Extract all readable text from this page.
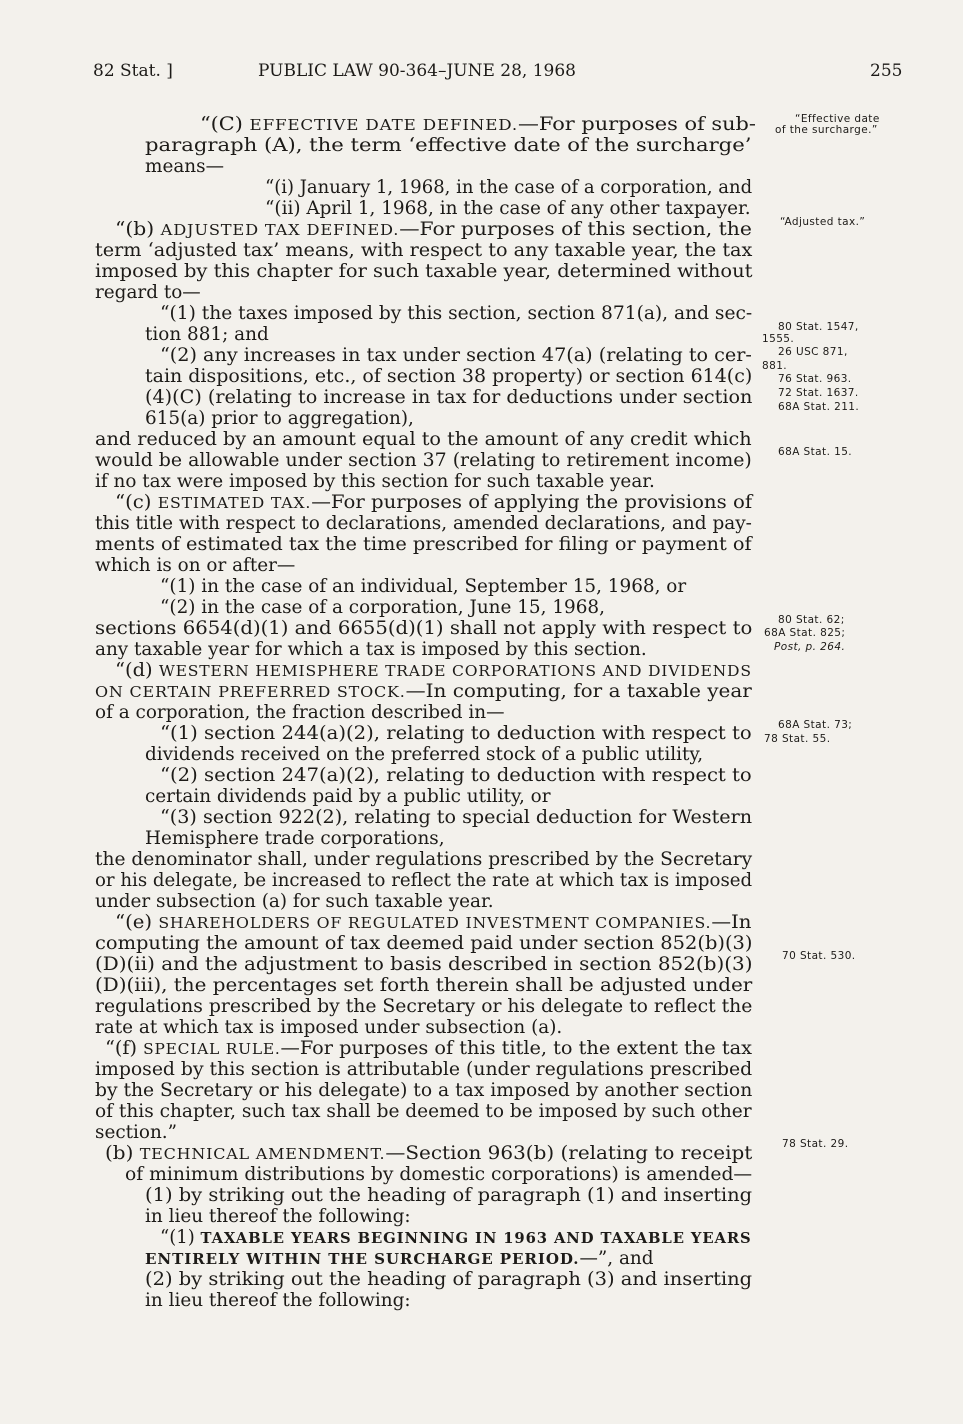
82 Stat. ]	PUBLIC LAW 90-364–JUNE 28, 1968	255
“(C) EFFECTIVE DATE DEFINED.—For purposes of sub-
paragraph (A), the term ‘effective date of the surcharge’
means—
“(i) January 1, 1968, in the case of a corporation, and
“(ii) April 1, 1968, in the case of any other taxpayer.
“(b) ADJUSTED TAX DEFINED.—For purposes of this section, the
term ‘adjusted tax’ means, with respect to any taxable year, the tax
imposed by this chapter for such taxable year, determined without
regard to—
“(1) the taxes imposed by this section, section 871(a), and sec-
tion 881; and
“(2) any increases in tax under section 47(a) (relating to cer-
tain dispositions, etc., of section 38 property) or section 614(c)
(4)(C) (relating to increase in tax for deductions under section
615(a) prior to aggregation),
and reduced by an amount equal to the amount of any credit which
would be allowable under section 37 (relating to retirement income)
if no tax were imposed by this section for such taxable year.
“(c) ESTIMATED TAX.—For purposes of applying the provisions of
this title with respect to declarations, amended declarations, and pay-
ments of estimated tax the time prescribed for filing or payment of
which is on or after—
“(1) in the case of an individual, September 15, 1968, or
“(2) in the case of a corporation, June 15, 1968,
sections 6654(d)(1) and 6655(d)(1) shall not apply with respect to
any taxable year for which a tax is imposed by this section.
“(d) WESTERN HEMISPHERE TRADE CORPORATIONS AND DIVIDENDS
ON CERTAIN PREFERRED STOCK.—In computing, for a taxable year
of a corporation, the fraction described in—
“(1) section 244(a)(2), relating to deduction with respect to
dividends received on the preferred stock of a public utility,
“(2) section 247(a)(2), relating to deduction with respect to
certain dividends paid by a public utility, or
“(3) section 922(2), relating to special deduction for Western
Hemisphere trade corporations,
the denominator shall, under regulations prescribed by the Secretary
or his delegate, be increased to reflect the rate at which tax is imposed
under subsection (a) for such taxable year.
“(e) SHAREHOLDERS OF REGULATED INVESTMENT COMPANIES.—In
computing the amount of tax deemed paid under section 852(b)(3)
(D)(ii) and the adjustment to basis described in section 852(b)(3)
(D)(iii), the percentages set forth therein shall be adjusted under
regulations prescribed by the Secretary or his delegate to reflect the
rate at which tax is imposed under subsection (a).
“(f) SPECIAL RULE.—For purposes of this title, to the extent the tax
imposed by this section is attributable (under regulations prescribed
by the Secretary or his delegate) to a tax imposed by another section
of this chapter, such tax shall be deemed to be imposed by such other
section.”
(b) TECHNICAL AMENDMENT.—Section 963(b) (relating to receipt
of minimum distributions by domestic corporations) is amended—
(1) by striking out the heading of paragraph (1) and inserting
in lieu thereof the following:
“(1) TAXABLE YEARS BEGINNING IN 1963 AND TAXABLE YEARS
ENTIRELY WITHIN THE SURCHARGE PERIOD.—”, and
(2) by striking out the heading of paragraph (3) and inserting
in lieu thereof the following:
“Effective date
of the surcharge.”
“Adjusted tax.”
80 Stat. 1547,
1555.
26 USC 871,
881.
76 Stat. 963.
72 Stat. 1637.
68A Stat. 211.
68A Stat. 15.
80 Stat. 62;
68A Stat. 825;
Post, p. 264.
68A Stat. 73;
78 Stat. 55.
70 Stat. 530.
78 Stat. 29.
